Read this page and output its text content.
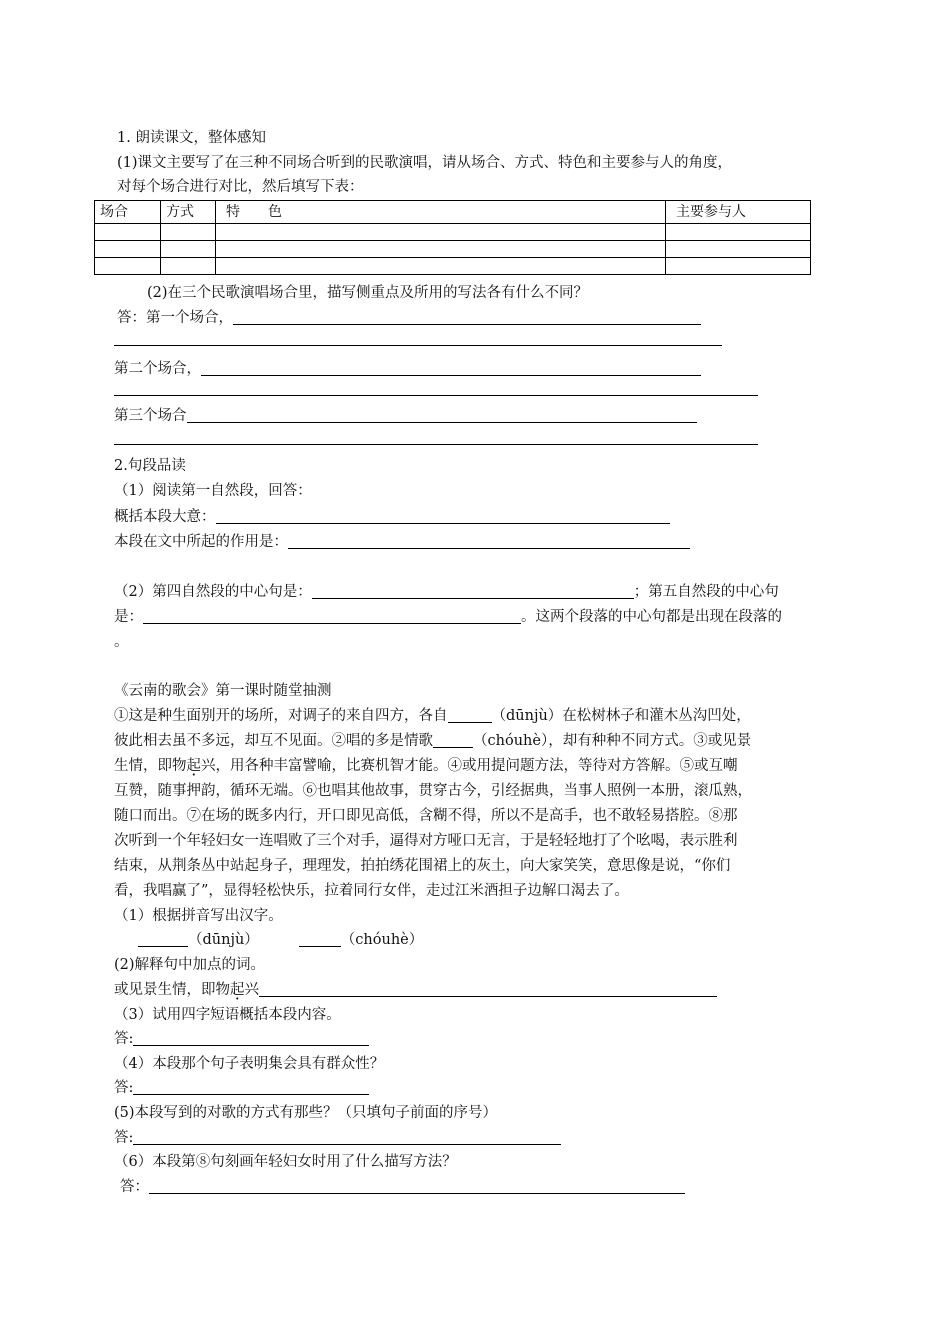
1. 朗读课文，整体感知
(1)课文主要写了在三种不同场合听到的民歌演唱，请从场合、方式、特色和主要参与人的角度，
对每个场合进行对比，然后填写下表：
场合	方式	特　　色	主要参与人

(2)在三个民歌演唱场合里，描写侧重点及所用的写法各有什么不同？
答：第一个场合，
第二个场合，
第三个场合
2.句段品读
（1）阅读第一自然段，回答：
概括本段大意：
本段在文中所起的作用是：
（2）第四自然段的中心句是：	；第五自然段的中心句
是：	。这两个段落的中心句都是出现在段落的
。
《云南的歌会》第一课时随堂抽测
①这是种生面别开的场所，对调子的来自四方，各自	（dūnjù）在松树林子和灌木丛沟凹处，
彼此相去虽不多远，却互不见面。②唱的多是情歌	（chóuhè），却有种种不同方式。③或见景
生情，即物起兴，用各种丰富譬喻，比赛机智才能。④或用提问题方法，等待对方答解。⑤或互嘲
互赞，随事押韵，循环无端。⑥也唱其他故事，贯穿古今，引经据典，当事人照例一本册，滚瓜熟，
随口而出。⑦在场的既多内行，开口即见高低，含糊不得，所以不是高手，也不敢轻易搭腔。⑧那
次听到一个年轻妇女一连唱败了三个对手，逼得对方哑口无言，于是轻轻地打了个吆喝，表示胜利
结束，从荆条丛中站起身子，理理发，拍拍绣花围裙上的灰土，向大家笑笑，意思像是说，“你们
看，我唱赢了”，显得轻松快乐，拉着同行女伴，走过江米酒担子边解口渴去了。
（1）根据拼音写出汉字。
（dūnjù）	（chóuhè）
(2)解释句中加点的词。
或见景生情，即物起兴
（3）试用四字短语概括本段内容。
答:
（4）本段那个句子表明集会具有群众性？
答:
(5)本段写到的对歌的方式有那些？（只填句子前面的序号）
答:
（6）本段第⑧句刻画年轻妇女时用了什么描写方法？
答：
